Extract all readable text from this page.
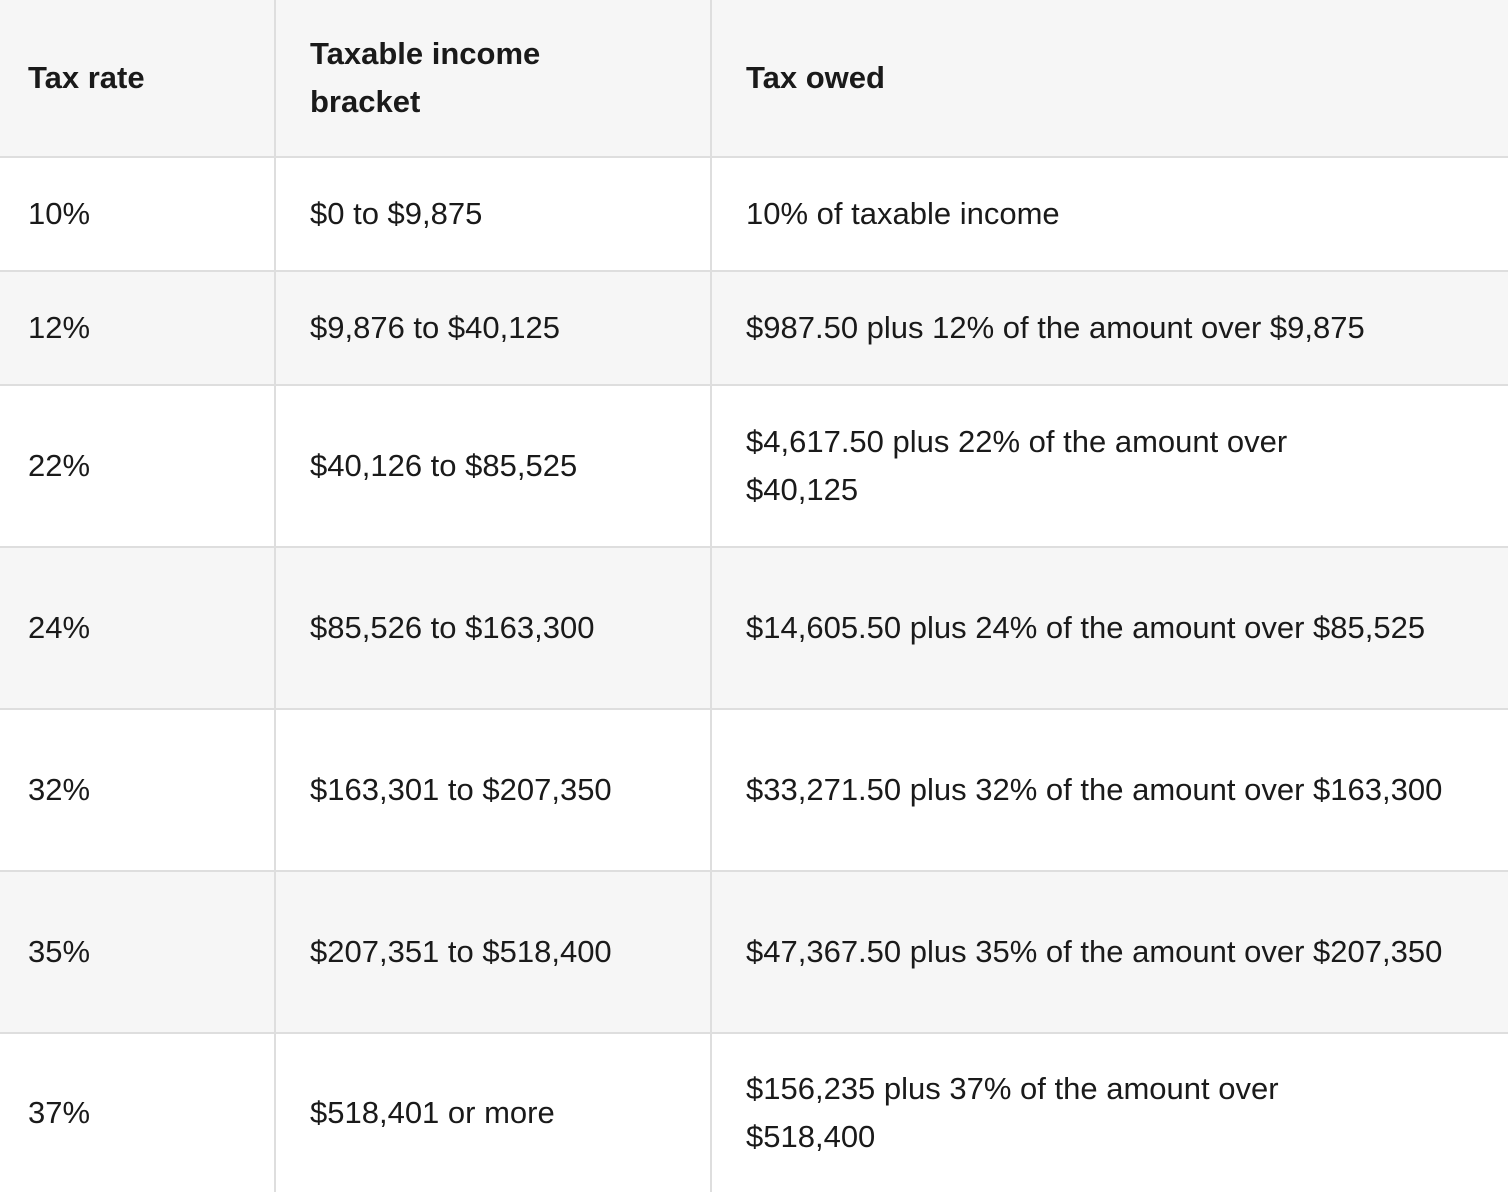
Tax rate	Taxable income bracket	Tax owed
10%	$0 to $9,875	10% of taxable income
12%	$9,876 to $40,125	$987.50 plus 12% of the amount over $9,875
22%	$40,126 to $85,525	$4,617.50 plus 22% of the amount over $40,125
24%	$85,526 to $163,300	$14,605.50 plus 24% of the amount over $85,525
32%	$163,301 to $207,350	$33,271.50 plus 32% of the amount over $163,300
35%	$207,351 to $518,400	$47,367.50 plus 35% of the amount over $207,350
37%	$518,401 or more	$156,235 plus 37% of the amount over $518,400
